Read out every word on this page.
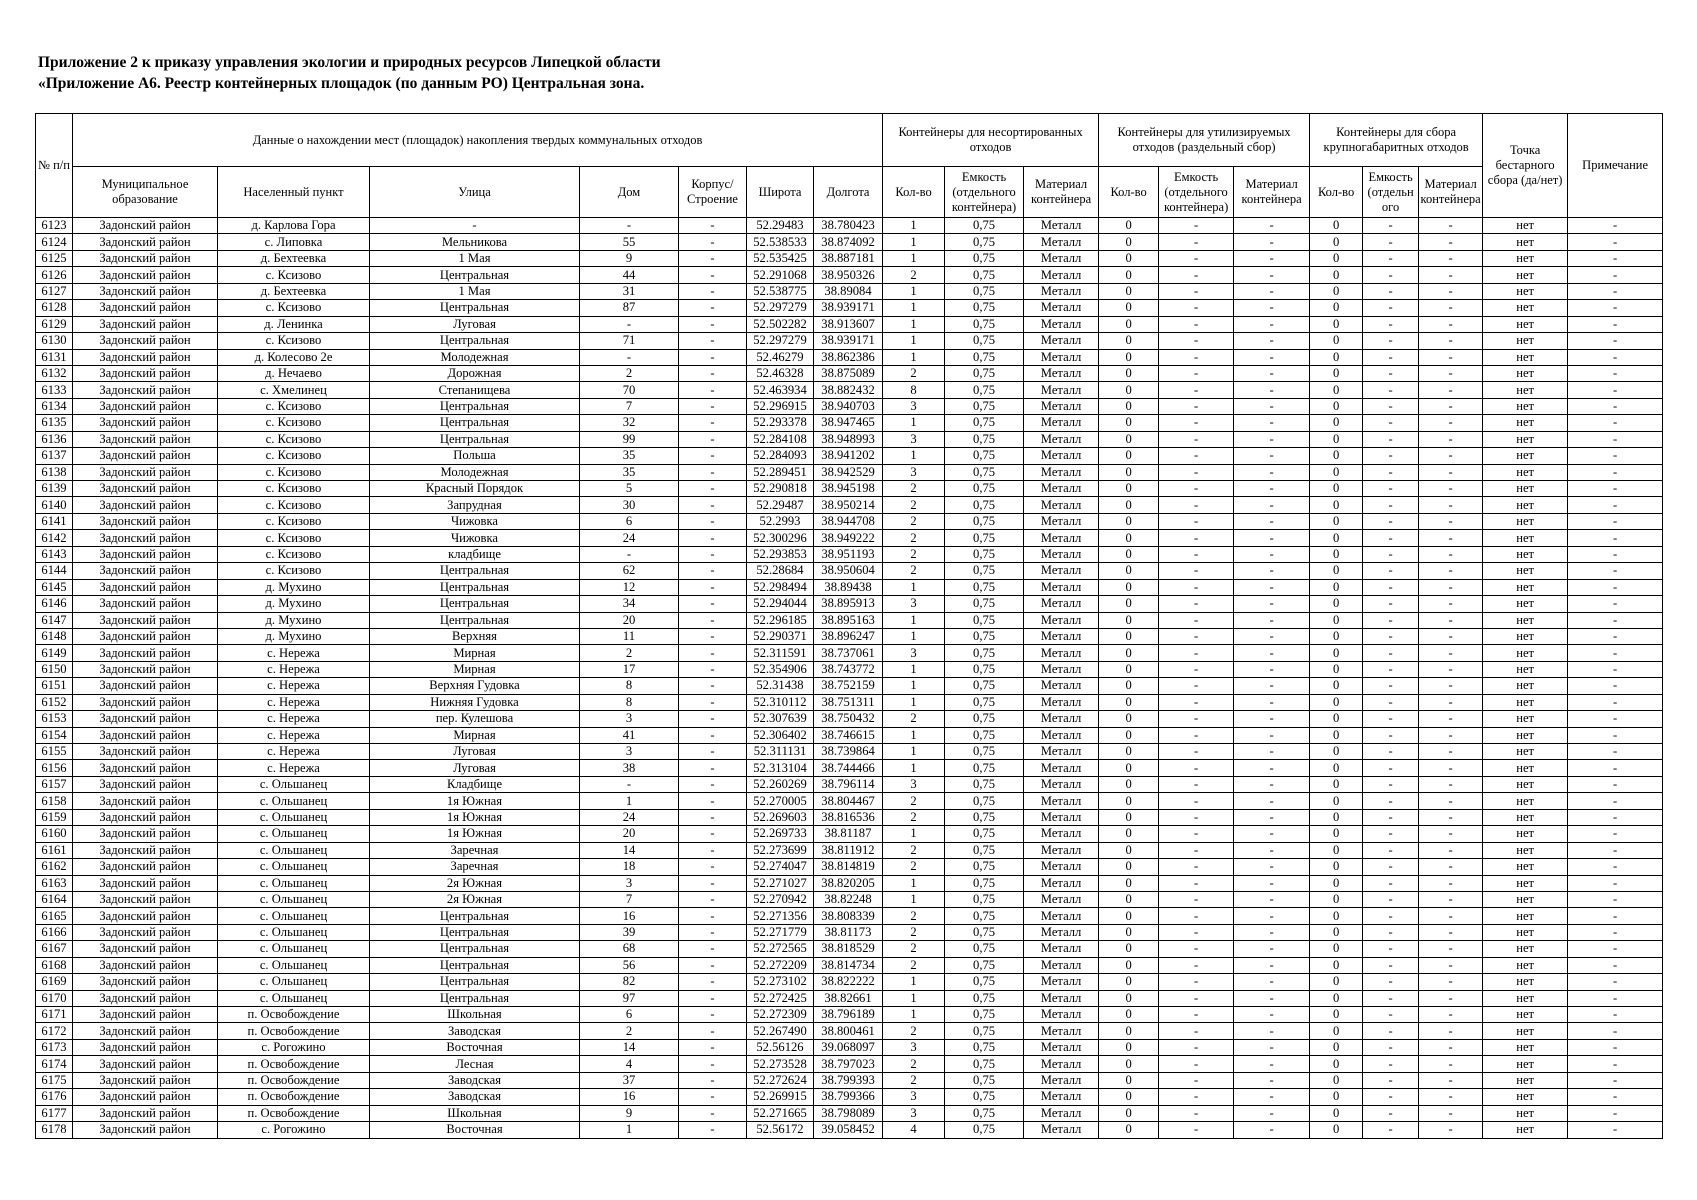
Приложение 2 к приказу управления экологии и природных ресурсов Липецкой области
«Приложение А6. Реестр контейнерных площадок (по данным РО) Центральная зона.
№ п/п	Данные о нахождении мест (площадок) накопления твердых коммунальных отходов							Контейнеры для несортированных отходов			Контейнеры для утилизируемых отходов (раздельный сбор)			Контейнеры для сбора крупногабаритных отходов			Точка бестарного сбора (да/нет)	Примечание
	Муниципальное образование	Населенный пункт	Улица	Дом	Корпус/ Строение	Широта	Долгота	Кол-во	Емкость (отдельного контейнера)	Материал контейнера	Кол-во	Емкость (отдельного контейнера)	Материал контейнера	Кол-во	Емкость (отдельн ого	Материал контейнера		
6123	Задонский район	д. Карлова Гора	-	-	-	52.29483	38.780423	1	0,75	Металл	0	-	-	0	-	-	нет	-
6124	Задонский район	с. Липовка	Мельникова	55	-	52.538533	38.874092	1	0,75	Металл	0	-	-	0	-	-	нет	-
6125	Задонский район	д. Бехтеевка	1 Мая	9	-	52.535425	38.887181	1	0,75	Металл	0	-	-	0	-	-	нет	-
6126	Задонский район	с. Ксизово	Центральная	44	-	52.291068	38.950326	2	0,75	Металл	0	-	-	0	-	-	нет	-
6127	Задонский район	д. Бехтеевка	1 Мая	31	-	52.538775	38.89084	1	0,75	Металл	0	-	-	0	-	-	нет	-
6128	Задонский район	с. Ксизово	Центральная	87	-	52.297279	38.939171	1	0,75	Металл	0	-	-	0	-	-	нет	-
6129	Задонский район	д. Ленинка	Луговая	-	-	52.502282	38.913607	1	0,75	Металл	0	-	-	0	-	-	нет	-
6130	Задонский район	с. Ксизово	Центральная	71	-	52.297279	38.939171	1	0,75	Металл	0	-	-	0	-	-	нет	-
6131	Задонский район	д. Колесово 2е	Молодежная	-	-	52.46279	38.862386	1	0,75	Металл	0	-	-	0	-	-	нет	-
6132	Задонский район	д. Нечаево	Дорожная	2	-	52.46328	38.875089	2	0,75	Металл	0	-	-	0	-	-	нет	-
6133	Задонский район	с. Хмелинец	Степанищева	70	-	52.463934	38.882432	8	0,75	Металл	0	-	-	0	-	-	нет	-
6134	Задонский район	с. Ксизово	Центральная	7	-	52.296915	38.940703	3	0,75	Металл	0	-	-	0	-	-	нет	-
6135	Задонский район	с. Ксизово	Центральная	32	-	52.293378	38.947465	1	0,75	Металл	0	-	-	0	-	-	нет	-
6136	Задонский район	с. Ксизово	Центральная	99	-	52.284108	38.948993	3	0,75	Металл	0	-	-	0	-	-	нет	-
6137	Задонский район	с. Ксизово	Польша	35	-	52.284093	38.941202	1	0,75	Металл	0	-	-	0	-	-	нет	-
6138	Задонский район	с. Ксизово	Молодежная	35	-	52.289451	38.942529	3	0,75	Металл	0	-	-	0	-	-	нет	-
6139	Задонский район	с. Ксизово	Красный Порядок	5	-	52.290818	38.945198	2	0,75	Металл	0	-	-	0	-	-	нет	-
6140	Задонский район	с. Ксизово	Запрудная	30	-	52.29487	38.950214	2	0,75	Металл	0	-	-	0	-	-	нет	-
6141	Задонский район	с. Ксизово	Чижовка	6	-	52.2993	38.944708	2	0,75	Металл	0	-	-	0	-	-	нет	-
6142	Задонский район	с. Ксизово	Чижовка	24	-	52.300296	38.949222	2	0,75	Металл	0	-	-	0	-	-	нет	-
6143	Задонский район	с. Ксизово	кладбище	-	-	52.293853	38.951193	2	0,75	Металл	0	-	-	0	-	-	нет	-
6144	Задонский район	с. Ксизово	Центральная	62	-	52.28684	38.950604	2	0,75	Металл	0	-	-	0	-	-	нет	-
6145	Задонский район	д. Мухино	Центральная	12	-	52.298494	38.89438	1	0,75	Металл	0	-	-	0	-	-	нет	-
6146	Задонский район	д. Мухино	Центральная	34	-	52.294044	38.895913	3	0,75	Металл	0	-	-	0	-	-	нет	-
6147	Задонский район	д. Мухино	Центральная	20	-	52.296185	38.895163	1	0,75	Металл	0	-	-	0	-	-	нет	-
6148	Задонский район	д. Мухино	Верхняя	11	-	52.290371	38.896247	1	0,75	Металл	0	-	-	0	-	-	нет	-
6149	Задонский район	с. Нережа	Мирная	2	-	52.311591	38.737061	3	0,75	Металл	0	-	-	0	-	-	нет	-
6150	Задонский район	с. Нережа	Мирная	17	-	52.354906	38.743772	1	0,75	Металл	0	-	-	0	-	-	нет	-
6151	Задонский район	с. Нережа	Верхняя Гудовка	8	-	52.31438	38.752159	1	0,75	Металл	0	-	-	0	-	-	нет	-
6152	Задонский район	с. Нережа	Нижняя Гудовка	8	-	52.310112	38.751311	1	0,75	Металл	0	-	-	0	-	-	нет	-
6153	Задонский район	с. Нережа	пер. Кулешова	3	-	52.307639	38.750432	2	0,75	Металл	0	-	-	0	-	-	нет	-
6154	Задонский район	с. Нережа	Мирная	41	-	52.306402	38.746615	1	0,75	Металл	0	-	-	0	-	-	нет	-
6155	Задонский район	с. Нережа	Луговая	3	-	52.311131	38.739864	1	0,75	Металл	0	-	-	0	-	-	нет	-
6156	Задонский район	с. Нережа	Луговая	38	-	52.313104	38.744466	1	0,75	Металл	0	-	-	0	-	-	нет	-
6157	Задонский район	с. Ольшанец	Кладбище	-	-	52.260269	38.796114	3	0,75	Металл	0	-	-	0	-	-	нет	-
6158	Задонский район	с. Ольшанец	1я Южная	1	-	52.270005	38.804467	2	0,75	Металл	0	-	-	0	-	-	нет	-
6159	Задонский район	с. Ольшанец	1я Южная	24	-	52.269603	38.816536	2	0,75	Металл	0	-	-	0	-	-	нет	-
6160	Задонский район	с. Ольшанец	1я Южная	20	-	52.269733	38.81187	1	0,75	Металл	0	-	-	0	-	-	нет	-
6161	Задонский район	с. Ольшанец	Заречная	14	-	52.273699	38.811912	2	0,75	Металл	0	-	-	0	-	-	нет	-
6162	Задонский район	с. Ольшанец	Заречная	18	-	52.274047	38.814819	2	0,75	Металл	0	-	-	0	-	-	нет	-
6163	Задонский район	с. Ольшанец	2я Южная	3	-	52.271027	38.820205	1	0,75	Металл	0	-	-	0	-	-	нет	-
6164	Задонский район	с. Ольшанец	2я Южная	7	-	52.270942	38.82248	1	0,75	Металл	0	-	-	0	-	-	нет	-
6165	Задонский район	с. Ольшанец	Центральная	16	-	52.271356	38.808339	2	0,75	Металл	0	-	-	0	-	-	нет	-
6166	Задонский район	с. Ольшанец	Центральная	39	-	52.271779	38.81173	2	0,75	Металл	0	-	-	0	-	-	нет	-
6167	Задонский район	с. Ольшанец	Центральная	68	-	52.272565	38.818529	2	0,75	Металл	0	-	-	0	-	-	нет	-
6168	Задонский район	с. Ольшанец	Центральная	56	-	52.272209	38.814734	2	0,75	Металл	0	-	-	0	-	-	нет	-
6169	Задонский район	с. Ольшанец	Центральная	82	-	52.273102	38.822222	1	0,75	Металл	0	-	-	0	-	-	нет	-
6170	Задонский район	с. Ольшанец	Центральная	97	-	52.272425	38.82661	1	0,75	Металл	0	-	-	0	-	-	нет	-
6171	Задонский район	п. Освобождение	Школьная	6	-	52.272309	38.796189	1	0,75	Металл	0	-	-	0	-	-	нет	-
6172	Задонский район	п. Освобождение	Заводская	2	-	52.267490	38.800461	2	0,75	Металл	0	-	-	0	-	-	нет	-
6173	Задонский район	с. Рогожино	Восточная	14	-	52.56126	39.068097	3	0,75	Металл	0	-	-	0	-	-	нет	-
6174	Задонский район	п. Освобождение	Лесная	4	-	52.273528	38.797023	2	0,75	Металл	0	-	-	0	-	-	нет	-
6175	Задонский район	п. Освобождение	Заводская	37	-	52.272624	38.799393	2	0,75	Металл	0	-	-	0	-	-	нет	-
6176	Задонский район	п. Освобождение	Заводская	16	-	52.269915	38.799366	3	0,75	Металл	0	-	-	0	-	-	нет	-
6177	Задонский район	п. Освобождение	Школьная	9	-	52.271665	38.798089	3	0,75	Металл	0	-	-	0	-	-	нет	-
6178	Задонский район	с. Рогожино	Восточная	1	-	52.56172	39.058452	4	0,75	Металл	0	-	-	0	-	-	нет	-
